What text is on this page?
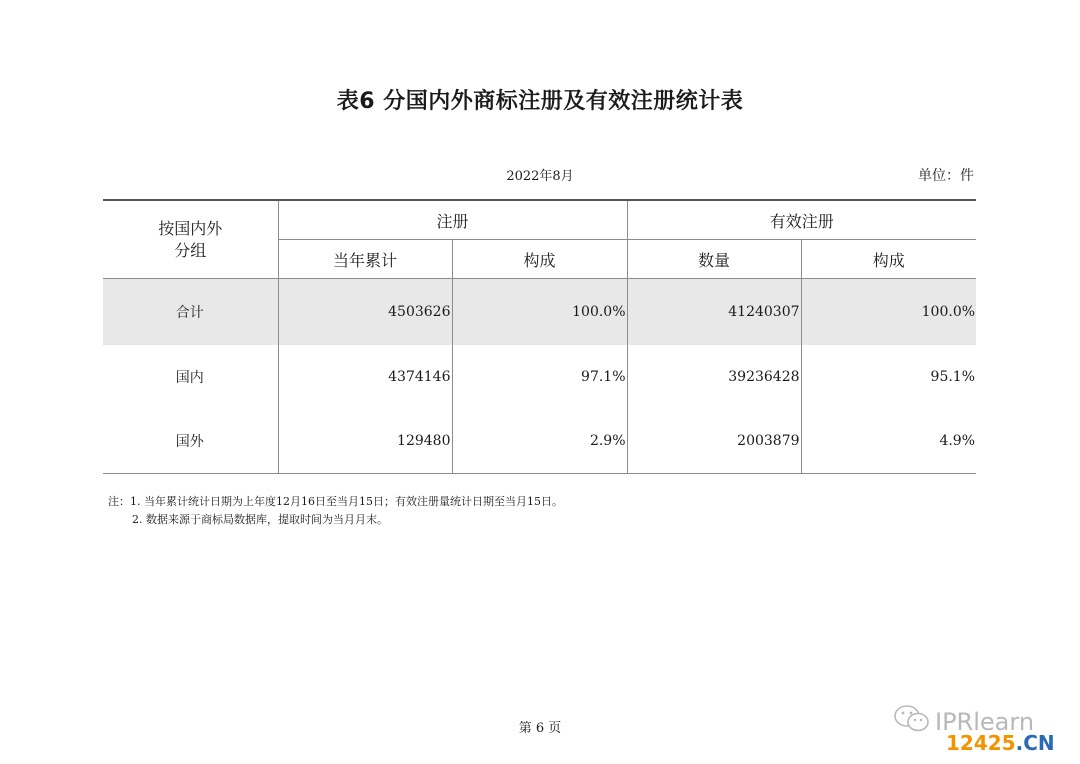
表6 分国内外商标注册及有效注册统计表
2022年8月	单位：件
按国内外
分组	注册		有效注册	
	当年累计	构成	数量	构成
合计	4503626	100.0%	41240307	100.0%
国内	4374146	97.1%	39236428	95.1%
国外	129480	2.9%	2003879	4.9%
注：1. 当年累计统计日期为上年度12月16日至当月15日；有效注册量统计日期至当月15日。
2. 数据来源于商标局数据库，提取时间为当月月末。
第 6 页	IPRlearn
12425.CN
